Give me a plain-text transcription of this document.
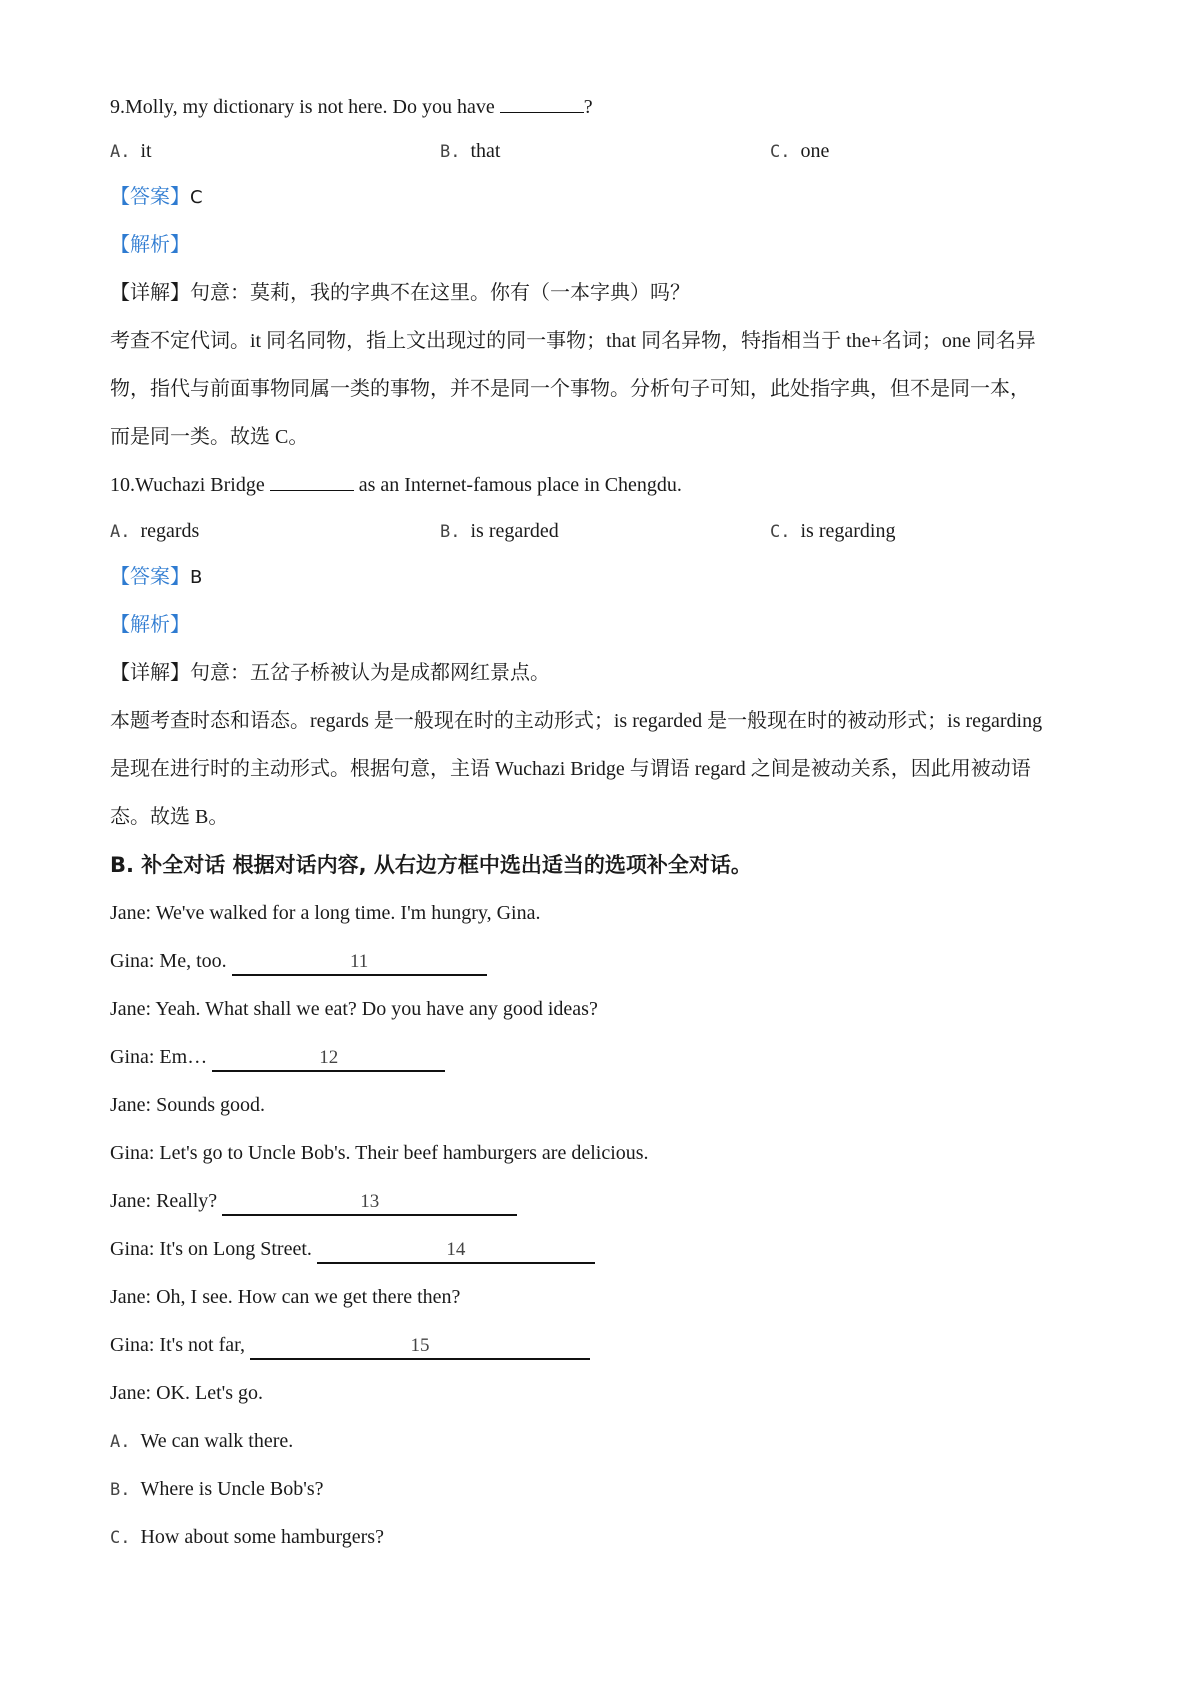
9.Molly, my dictionary is not here. Do you have	?
A. it	B. that	C. one
【答案】C
【解析】
【详解】句意：莫莉，我的字典不在这里。你有（一本字典）吗？
考查不定代词。it 同名同物，指上文出现过的同一事物；that 同名异物，特指相当于 the+名词；one 同名异
物，指代与前面事物同属一类的事物，并不是同一个事物。分析句子可知，此处指字典，但不是同一本，
而是同一类。故选 C。
10.Wuchazi Bridge	as an Internet-famous place in Chengdu.
A. regards	B. is regarded	C. is regarding
【答案】B
【解析】
【详解】句意：五岔子桥被认为是成都网红景点。
本题考查时态和语态。regards 是一般现在时的主动形式；is regarded 是一般现在时的被动形式；is regarding
是现在进行时的主动形式。根据句意，主语 Wuchazi Bridge 与谓语 regard 之间是被动关系，因此用被动语
态。故选 B。
B. 补全对话 根据对话内容, 从右边方框中选出适当的选项补全对话。
Jane: We've walked for a long time. I'm hungry, Gina.
Gina: Me, too.	11
Jane: Yeah. What shall we eat? Do you have any good ideas?
Gina: Em…	12
Jane: Sounds good.
Gina: Let's go to Uncle Bob's. Their beef hamburgers are delicious.
Jane: Really?	13
Gina: It's on Long Street.	14
Jane: Oh, I see. How can we get there then?
Gina: It's not far,	15
Jane: OK. Let's go.
A. We can walk there.
B. Where is Uncle Bob's?
C. How about some hamburgers?
